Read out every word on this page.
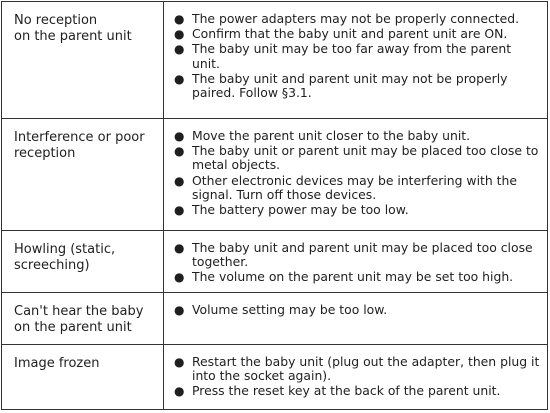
No reception
on the parent unit
● The power adapters may not be properly connected.
● Confirm that the baby unit and parent unit are ON.
● The baby unit may be too far away from the parent unit.
● The baby unit and parent unit may not be properly paired. Follow §3.1.
Interference or poor
reception
● Move the parent unit closer to the baby unit.
● The baby unit or parent unit may be placed too close to metal objects.
● Other electronic devices may be interfering with the signal. Turn off those devices.
● The battery power may be too low.
Howling (static,
screeching)
● The baby unit and parent unit may be placed too close together.
● The volume on the parent unit may be set too high.
Can't hear the baby
on the parent unit
● Volume setting may be too low.
Image frozen	● Restart the baby unit (plug out the adapter, then plug it into the socket again).
● Press the reset key at the back of the parent unit.
